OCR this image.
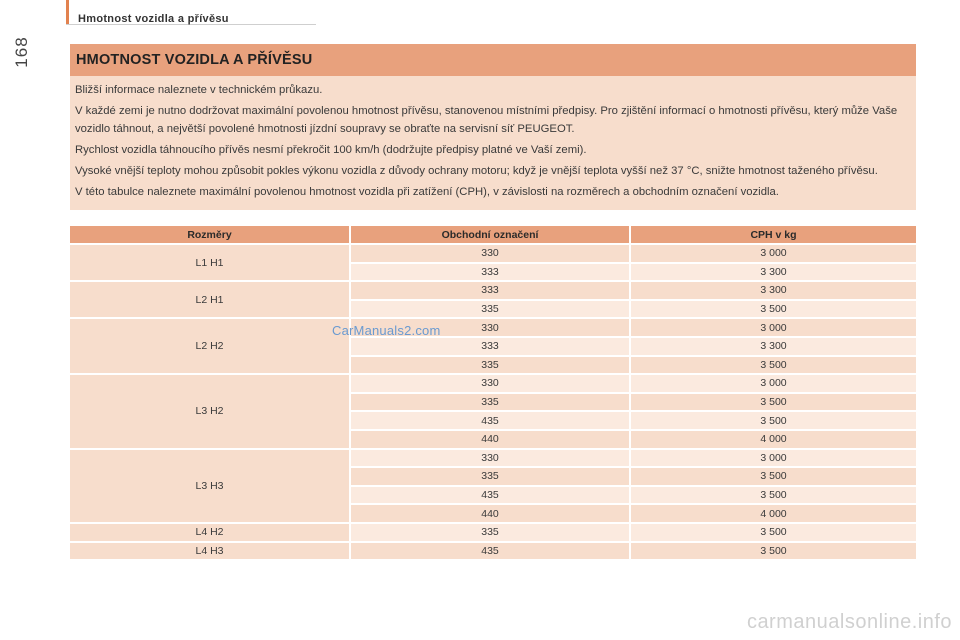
168
Hmotnost vozidla a přívěsu
HMOTNOST VOZIDLA A PŘÍVĚSU

Bližší informace naleznete v technickém průkazu.

V každé zemi je nutno dodržovat maximální povolenou hmotnost přívěsu, stanovenou místními předpisy. Pro zjištění informací o hmotnosti přívěsu, který může Vaše vozidlo táhnout, a největší povolené hmotnosti jízdní soupravy se obraťte na servisní síť PEUGEOT.

Rychlost vozidla táhnoucího přívěs nesmí překročit 100 km/h (dodržujte předpisy platné ve Vaší zemi).

Vysoké vnější teploty mohou způsobit pokles výkonu vozidla z důvody ochrany motoru; když je vnější teplota vyšší než 37 °C, snižte hmotnost taženého přívěsu.

V této tabulce naleznete maximální povolenou hmotnost vozidla při zatížení (CPH), v závislosti na rozměrech a obchodním označení vozidla.

Rozměry	Obchodní označení	CPH v kg
L1 H1	330	3 000
	333	3 300
L2 H1	333	3 300
	335	3 500
L2 H2	330	3 000
	333	3 300
	335	3 500
L3 H2	330	3 000
	335	3 500
	435	3 500
	440	4 000
L3 H3	330	3 000
	335	3 500
	435	3 500
	440	4 000
L4 H2	335	3 500
L4 H3	435	3 500
CarManuals2.com
carmanualsonline.info
